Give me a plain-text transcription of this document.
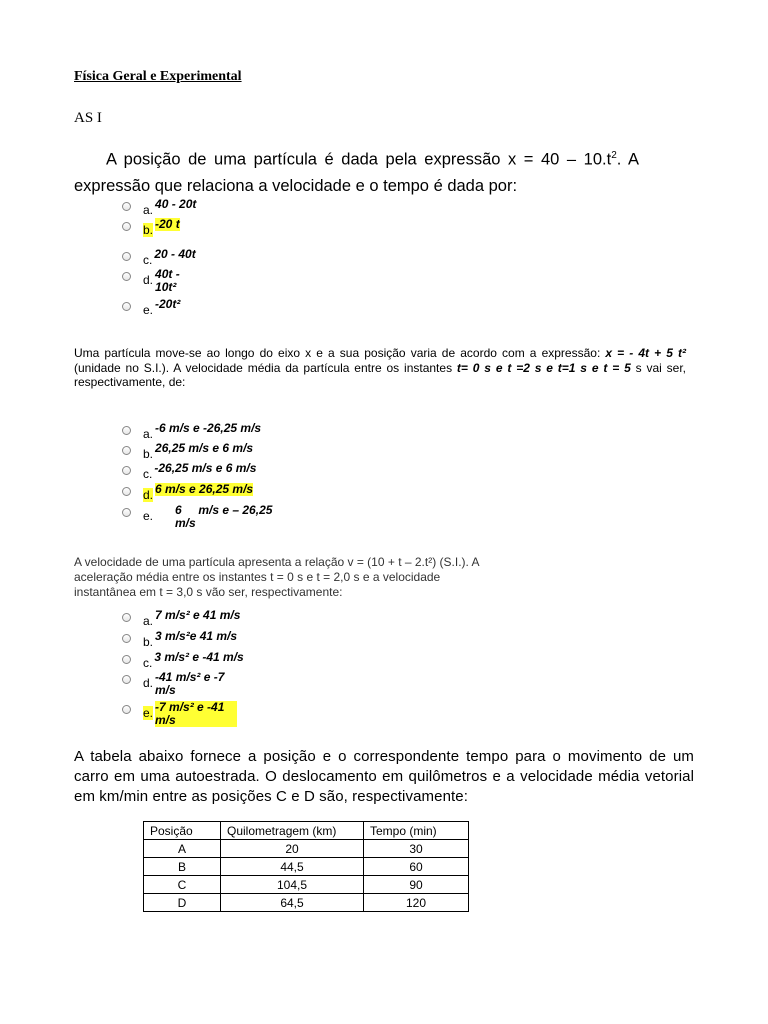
Física Geral e Experimental
AS I
A posição de uma partícula é dada pela expressão $x = 40 - 10.t^2$. A
expressão que relaciona a velocidade e o tempo é dada por:
a. 40 - 20t
b. -20 t
c. 20 - 40t
d. 40t - 10t²
e. -20t²
Uma partícula move-se ao longo do eixo x e a sua posição varia de acordo com a expressão: x = - 4t + 5 t² (unidade no S.I.). A velocidade média da partícula entre os instantes t= 0 s e t =2 s e t=1 s e t = 5 s vai ser, respectivamente, de:
a. -6 m/s e -26,25 m/s
b. 26,25 m/s e 6 m/s
c. -26,25 m/s e 6 m/s
d. 6 m/s e 26,25 m/s
e.	6     m/s e – 26,25 m/s
A velocidade de uma partícula apresenta a relação v = (10 + t – 2.t²) (S.I.). A aceleração média entre os instantes t = 0 s e t = 2,0 s e a velocidade instantânea em t = 3,0 s vão ser, respectivamente:
a. 7 m/s² e 41 m/s
b. 3 m/s²e 41 m/s
c. 3 m/s² e -41 m/s
d. -41 m/s² e -7 m/s
e. -7 m/s² e -41 m/s
A tabela abaixo fornece a posição e o correspondente tempo para o movimento de um carro em uma autoestrada. O deslocamento em quilômetros e a velocidade média vetorial em km/min entre as posições C e D são, respectivamente:
Posição	Quilometragem (km)	Tempo (min)
A	20	30
B	44,5	60
C	104,5	90
D	64,5	120
